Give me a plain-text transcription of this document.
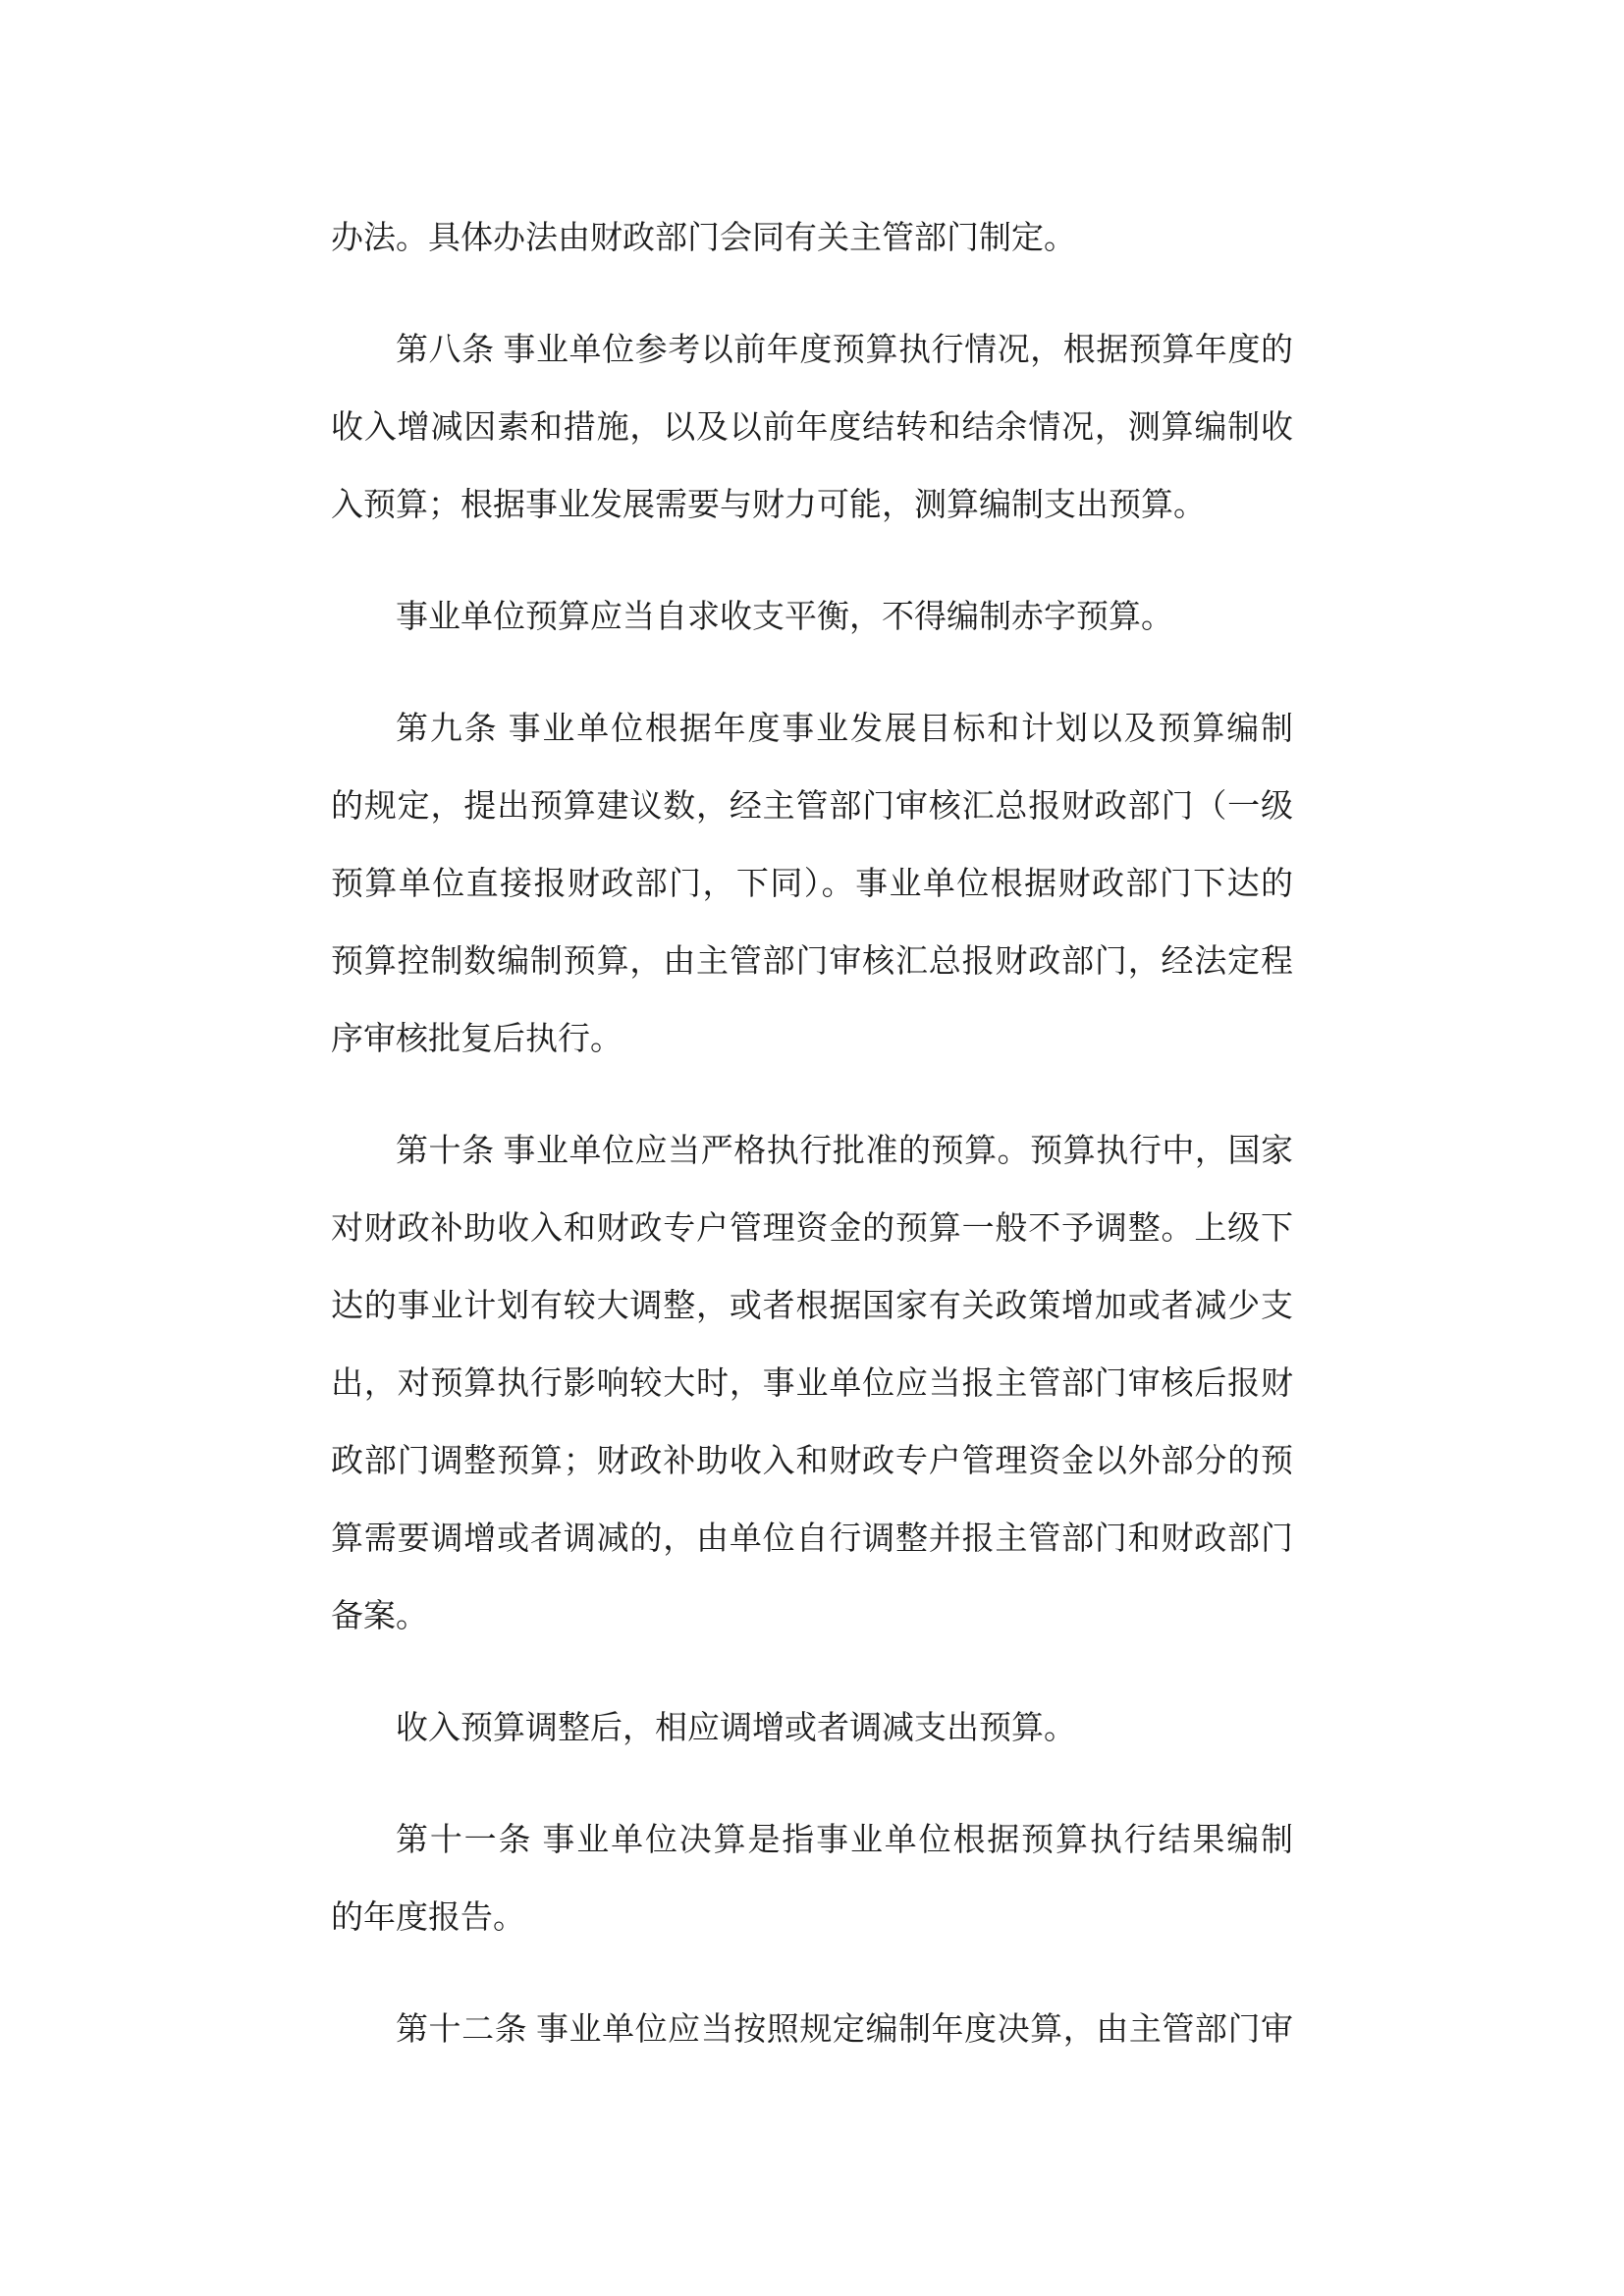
办法。具体办法由财政部门会同有关主管部门制定。
第八条 事业单位参考以前年度预算执行情况，根据预算年度的
收入增减因素和措施，以及以前年度结转和结余情况，测算编制收
入预算；根据事业发展需要与财力可能，测算编制支出预算。
事业单位预算应当自求收支平衡，不得编制赤字预算。
第九条 事业单位根据年度事业发展目标和计划以及预算编制
的规定，提出预算建议数，经主管部门审核汇总报财政部门（一级
预算单位直接报财政部门，下同）。事业单位根据财政部门下达的
预算控制数编制预算，由主管部门审核汇总报财政部门，经法定程
序审核批复后执行。
第十条 事业单位应当严格执行批准的预算。预算执行中，国家
对财政补助收入和财政专户管理资金的预算一般不予调整。上级下
达的事业计划有较大调整，或者根据国家有关政策增加或者减少支
出，对预算执行影响较大时，事业单位应当报主管部门审核后报财
政部门调整预算；财政补助收入和财政专户管理资金以外部分的预
算需要调增或者调减的，由单位自行调整并报主管部门和财政部门
备案。
收入预算调整后，相应调增或者调减支出预算。
第十一条 事业单位决算是指事业单位根据预算执行结果编制
的年度报告。
第十二条 事业单位应当按照规定编制年度决算，由主管部门审
